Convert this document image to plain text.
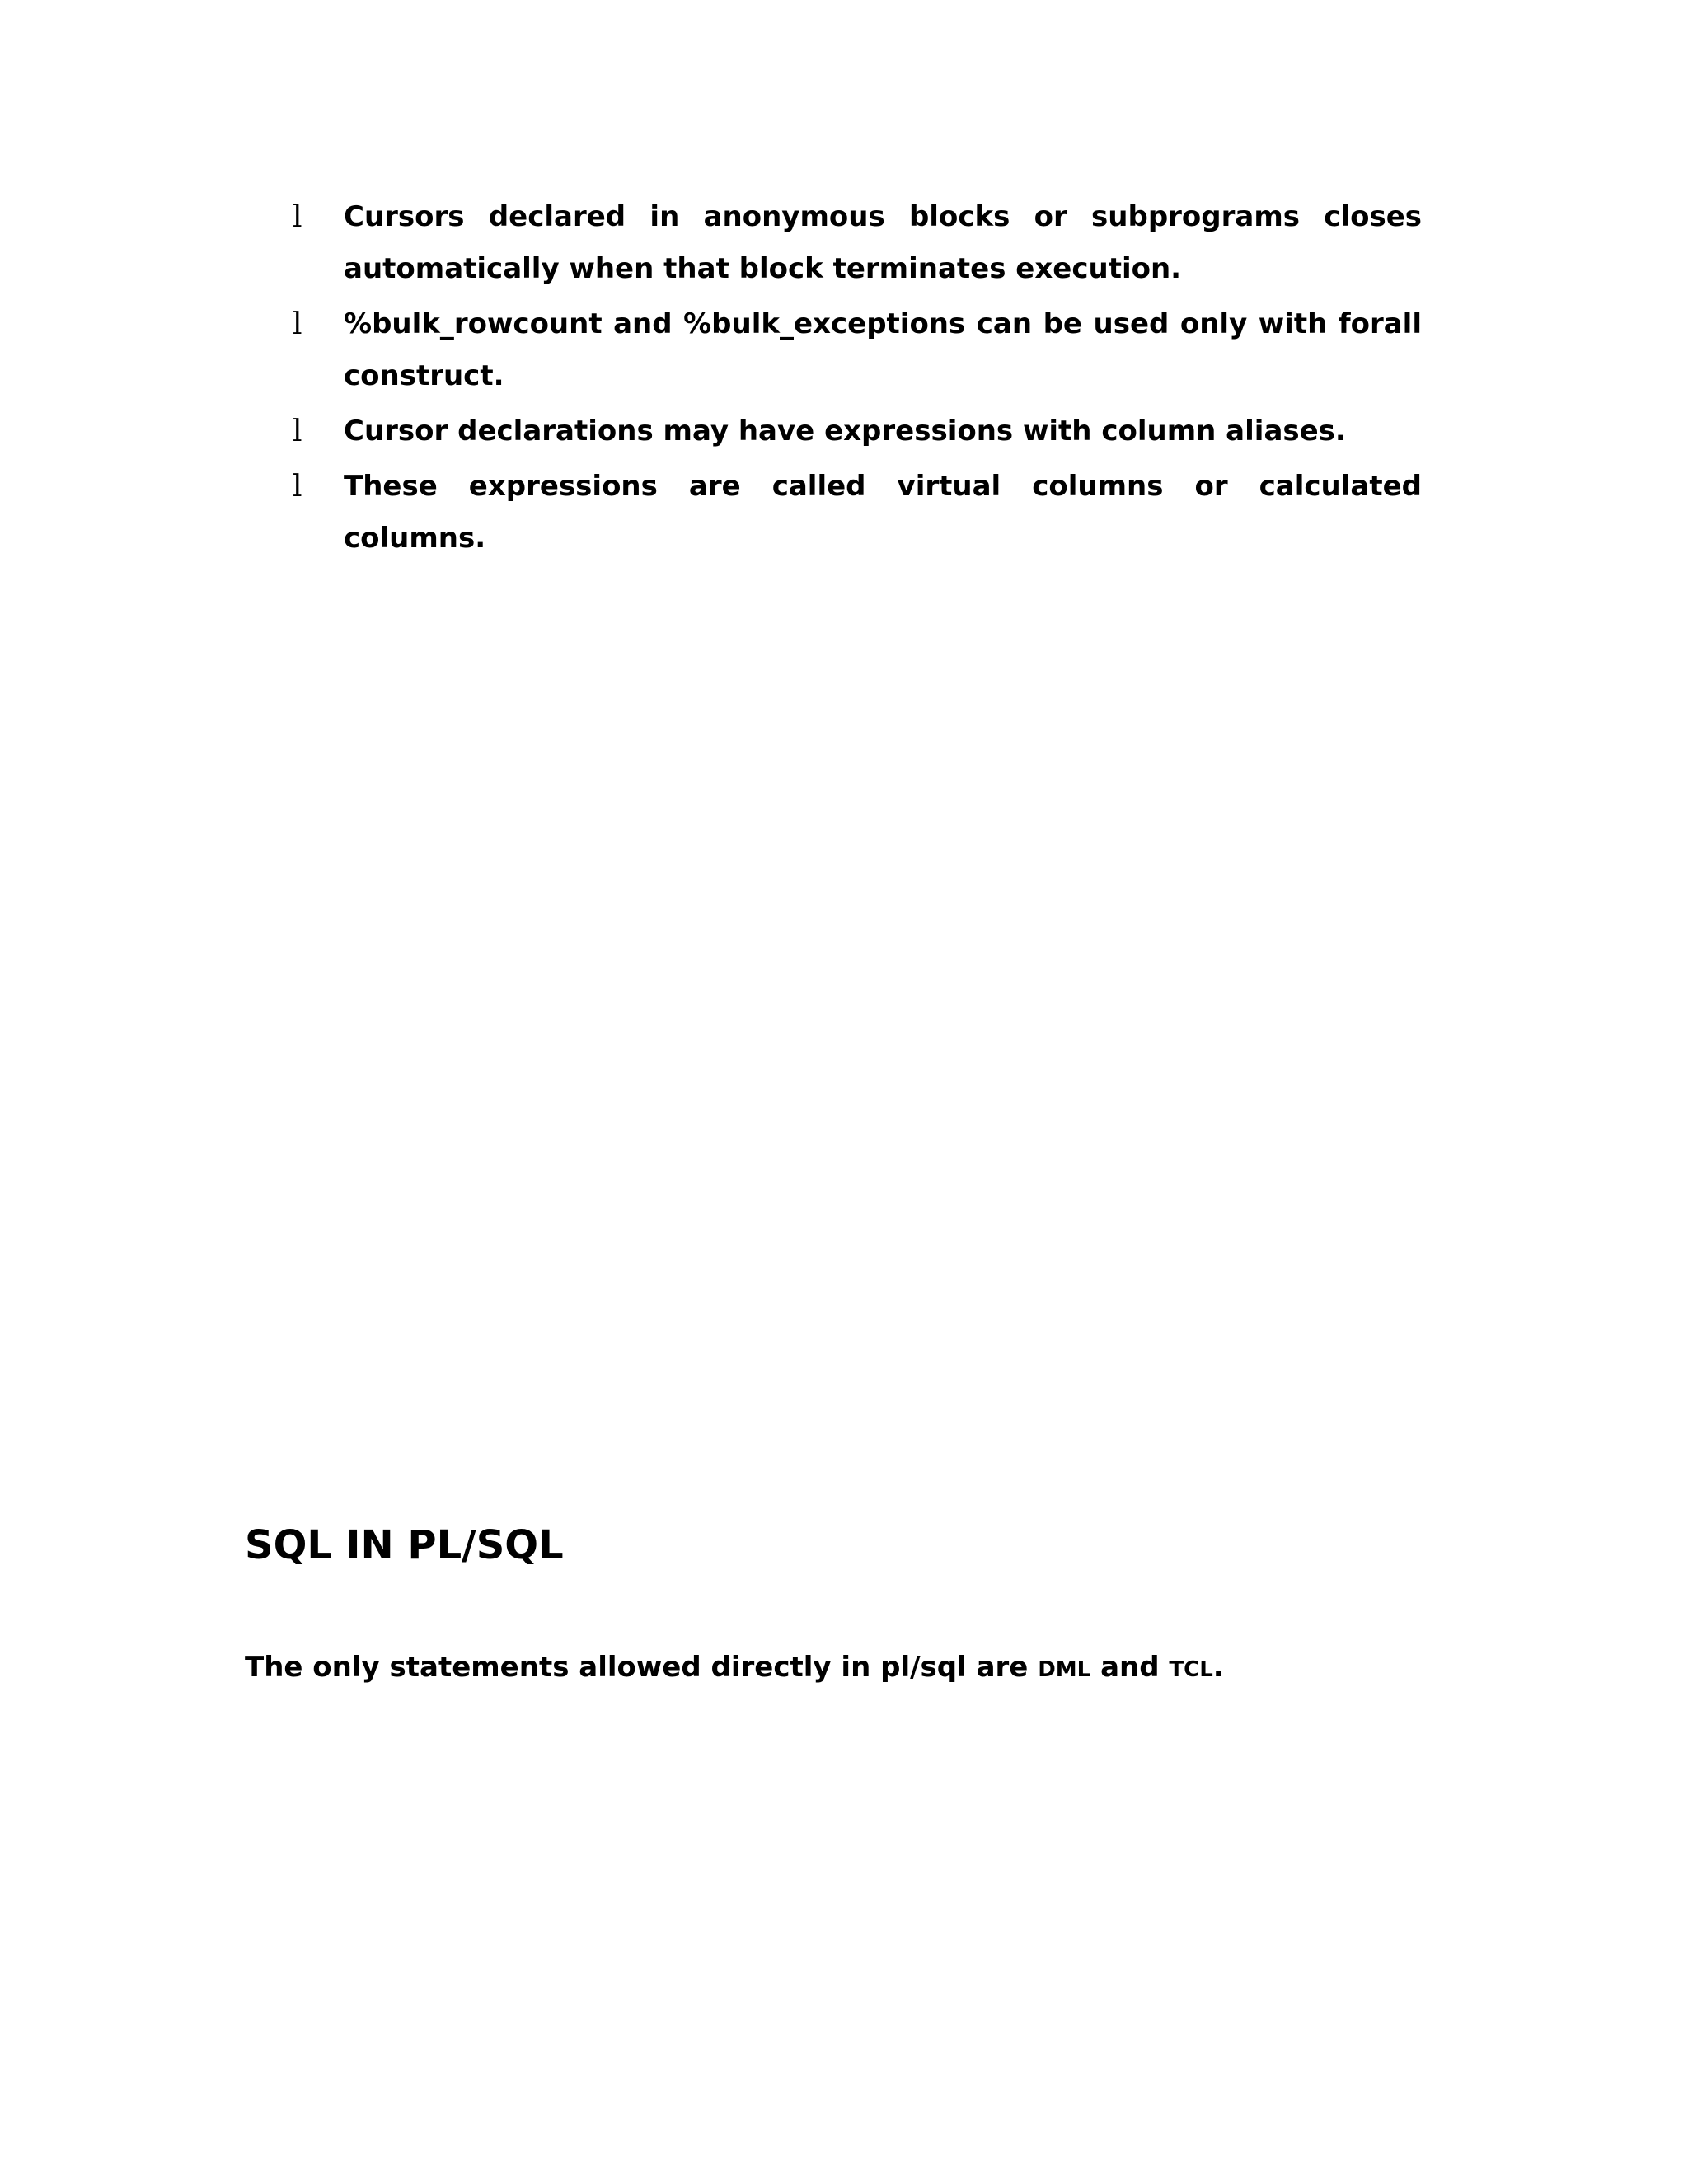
l Cursors declared in anonymous blocks or subprograms closes automatically when that block terminates execution.
l %bulk_rowcount and %bulk_exceptions can be used only with forall construct.
l Cursor declarations may have expressions with column aliases.
l These expressions are called virtual columns or calculated columns.
SQL IN PL/SQL

The only statements allowed directly in pl/sql are DML and TCL.
